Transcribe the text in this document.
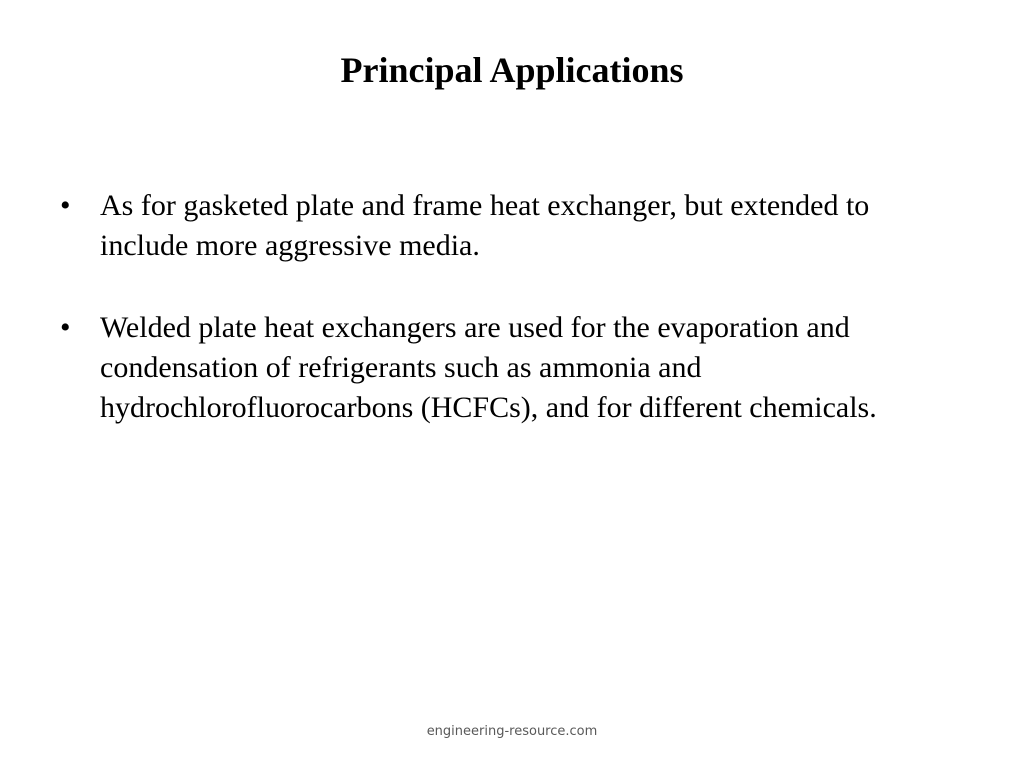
Principal Applications
• As for gasketed plate and frame heat exchanger, but extended to include more aggressive media.
• Welded plate heat exchangers are used for the evaporation and condensation of refrigerants such as ammonia and hydrochlorofluorocarbons (HCFCs), and for different chemicals.
engineering-resource.com
